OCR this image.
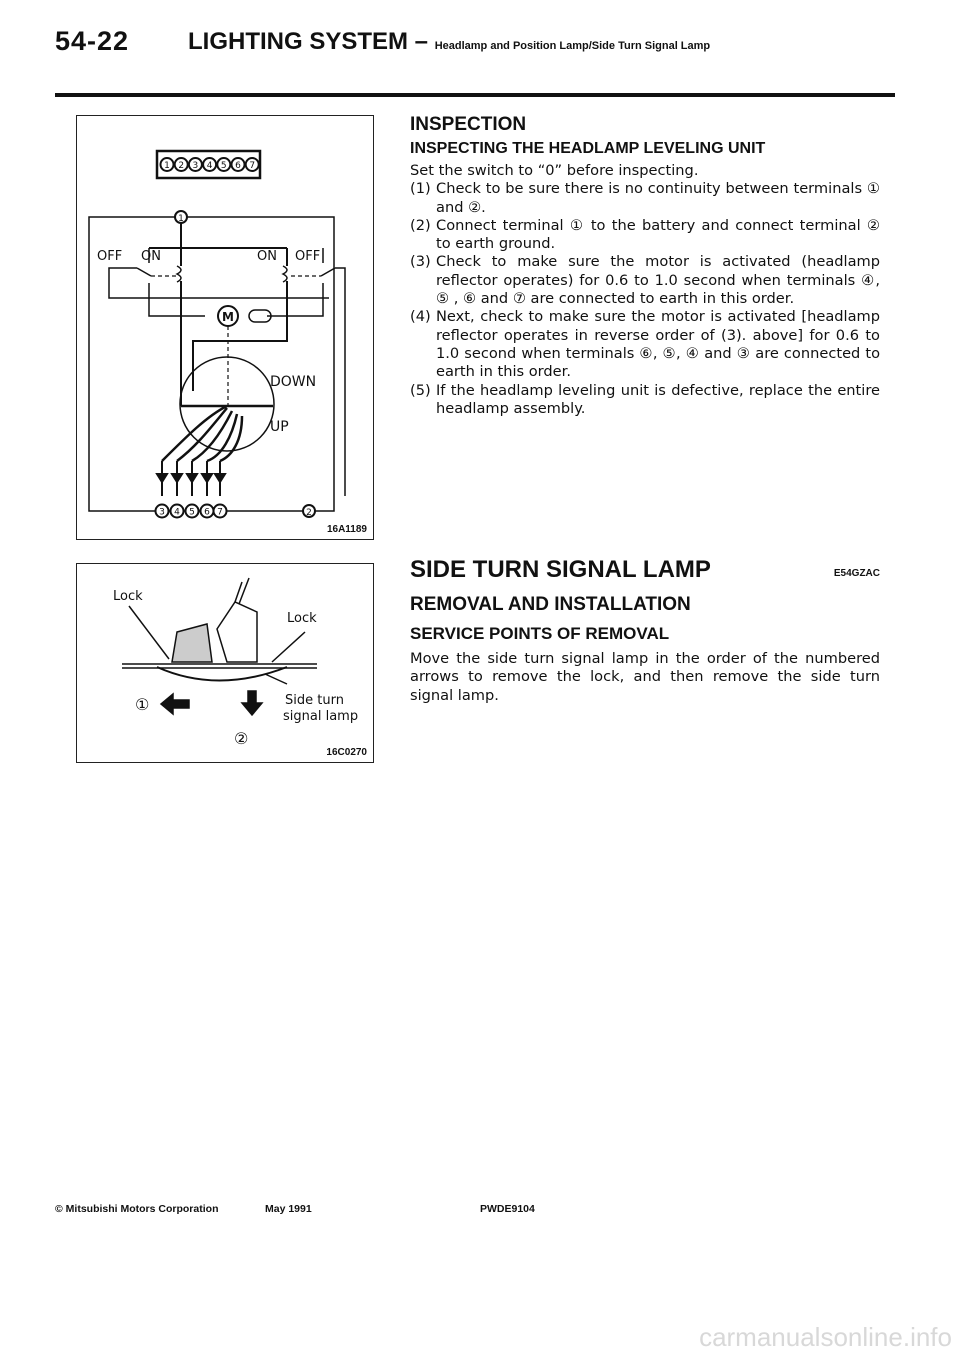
54-22 LIGHTING SYSTEM – Headlamp and Position Lamp/Side Turn Signal Lamp
1 2 3 4 5 6 7
1
M
DOWN
UP
OFF ON	ON OFF
3 4 5 6 7	2
16A1189
Lock
Lock
①
②
Side turn
signal lamp
16C0270
INSPECTION
INSPECTING THE HEADLAMP LEVELING UNIT

Set the switch to “0” before inspecting.

(1) Check to be sure there is no continuity between terminals ① and ②.
(2) Connect terminal ① to the battery and connect terminal ② to earth ground.
(3) Check to make sure the motor is activated (headlamp reflector operates) for 0.6 to 1.0 second when terminals ④, ⑤ , ⑥ and ⑦ are connected to earth in this order.
(4) Next, check to make sure the motor is activated [headlamp reflector operates in reverse order of (3). above] for 0.6 to 1.0 second when terminals ⑥, ⑤, ④ and ③ are connected to earth in this order.
(5) If the headlamp leveling unit is defective, replace the entire headlamp assembly.
SIDE TURN SIGNAL LAMP	E54GZAC
REMOVAL AND INSTALLATION
SERVICE POINTS OF REMOVAL

Move the side turn signal lamp in the order of the numbered arrows to remove the lock, and then remove the side turn signal lamp.

© Mitsubishi Motors Corporation	May 1991	PWDE9104
carmanualsonline.info
